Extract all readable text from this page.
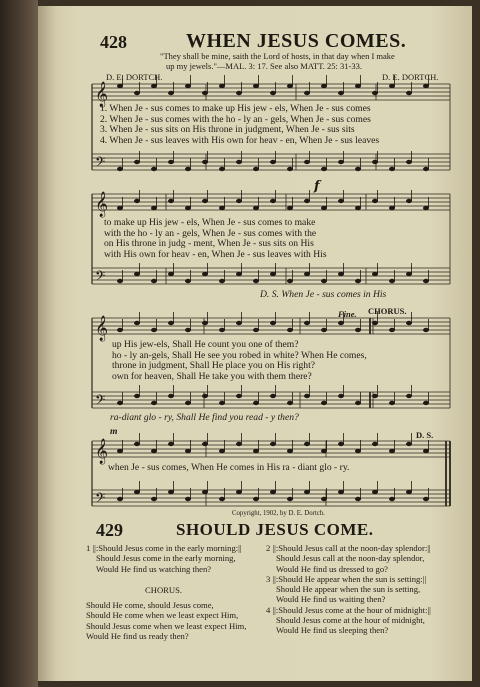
428	WHEN JESUS COMES.
"They shall be mine, saith the Lord of hosts, in that day when I make
up my jewels."—MAL. 3: 17. See also MATT. 25: 31-33.
D. E. DORTCH.	D. E. DORTCH.
𝄞
𝄢
𝄞
𝄢
𝄞
𝄢
𝄞
𝄢
f
1. When Je - sus comes to make up His jew - els, When Je - sus comes
2. When Je - sus comes with the ho - ly an - gels, When Je - sus comes
3. When Je - sus sits on His throne in judgment, When Je - sus sits
4. When Je - sus leaves with His own for heav - en, When Je - sus leaves
to make up His jew - els, When Je - sus comes to make
with the ho - ly an - gels, When Je - sus comes with the
on His throne in judg - ment, When Je - sus sits on His
with His own for heav - en, When Je - sus leaves with His
D. S. When Je - sus comes in His
Fine. CHORUS.
up His jew-els, Shall He count you one of them?
ho - ly an-gels, Shall He see you robed in white? When He comes,
throne in judgment, Shall He place you on His right?
own for heaven, Shall He take you with them there?
ra-diant glo - ry, Shall He find you read - y then?
m	D. S.
when Je - sus comes, When He comes in His ra - diant glo - ry.
Copyright, 1902, by D. E. Dortch.
429	SHOULD JESUS COME.
1 ||:Should Jesus come in the early morning:||
Should Jesus come in the early morning,
Would He find us watching then?
CHORUS.
Should He come, should Jesus come,
Should He come when we least expect Him,
Should Jesus come when we least expect Him,
Would He find us ready then?
2 ||:Should Jesus call at the noon-day splendor:||
Should Jesus call at the noon-day splendor,
Would He find us dressed to go?
3 ||:Should He appear when the sun is setting:||
Should He appear when the sun is setting,
Would He find us waiting then?
4 ||:Should Jesus come at the hour of midnight:||
Should Jesus come at the hour of midnight,
Would He find us sleeping then?
